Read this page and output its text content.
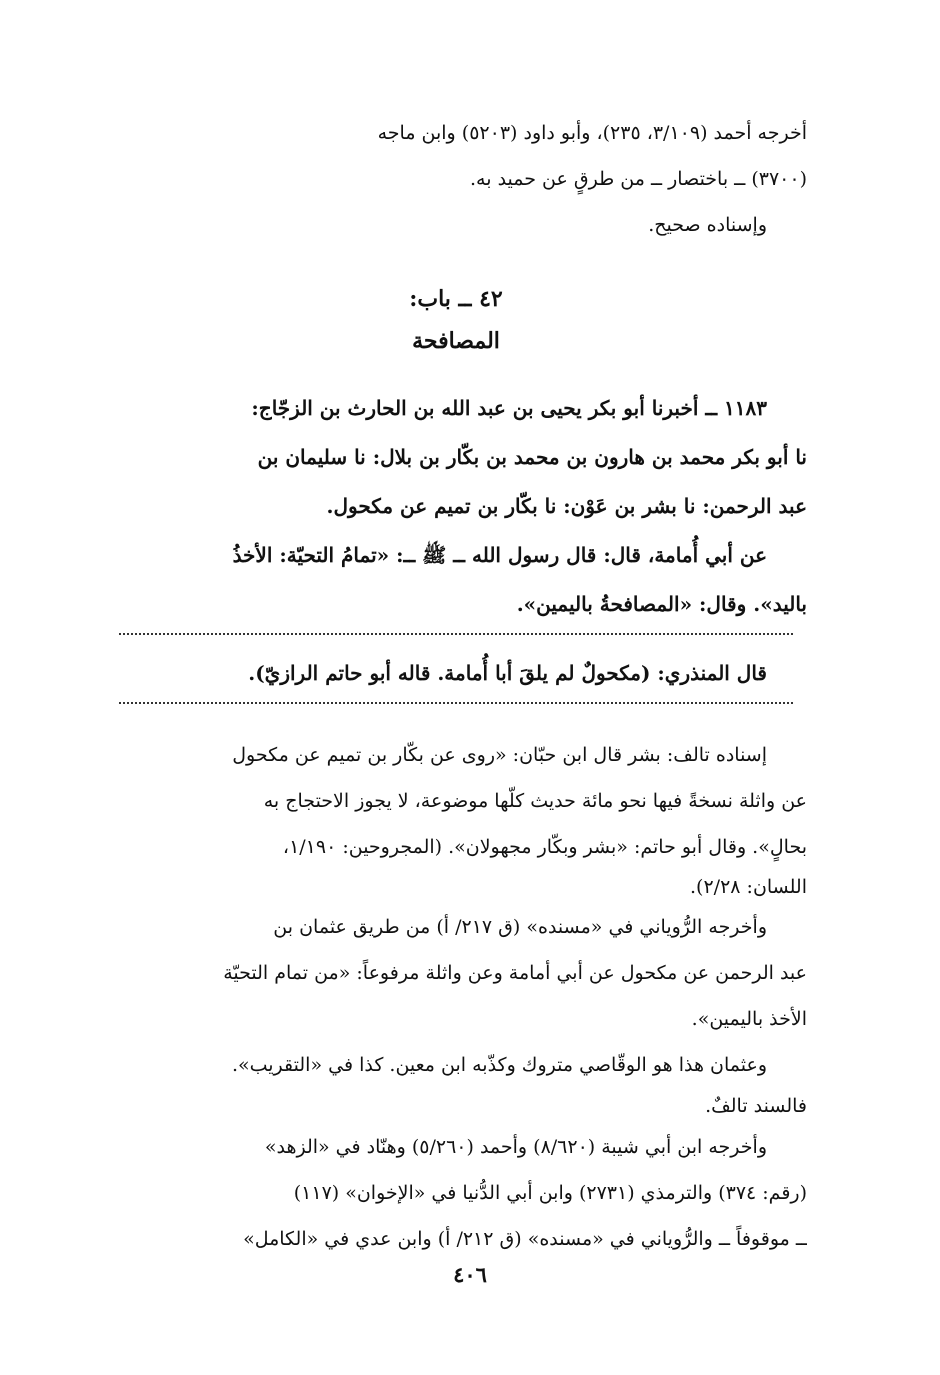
أخرجه أحمد (٣/١٠٩، ٢٣٥)، وأبو داود (٥٢٠٣) وابن ماجه
(٣٧٠٠) ــ باختصار ــ من طرقٍ عن حميد به.
وإسناده صحيح.
٤٢ ــ باب:
المصافحة
١١٨٣ ــ أخبرنا أبو بكر يحيى بن عبد الله بن الحارث بن الزجّاج:
نا أبو بكر محمد بن هارون بن محمد بن بكّار بن بلال: نا سليمان بن
عبد الرحمن: نا بشر بن عَوْن: نا بكّار بن تميم عن مكحول.
عن أبي أُمامة، قال: قال رسول الله ــ ﷺ ــ: «تمامُ التحيّة: الأخذُ
باليد». وقال: «المصافحةُ باليمين».
قال المنذري: (مكحولٌ لم يلقَ أبا أُمامة. قاله أبو حاتم الرازيّ).
إسناده تالف: بشر قال ابن حبّان: «روى عن بكّار بن تميم عن مكحول
عن واثلة نسخةً فيها نحو مائة حديث كلّها موضوعة، لا يجوز الاحتجاج به
بحالٍ». وقال أبو حاتم: «بشر وبكّار مجهولان». (المجروحين: ١/١٩٠،
اللسان: ٢/٢٨).
وأخرجه الرُّوياني في «مسنده» (ق ٢١٧/ أ) من طريق عثمان بن
عبد الرحمن عن مكحول عن أبي أمامة وعن واثلة مرفوعاً: «من تمام التحيّة
الأخذ باليمين».
وعثمان هذا هو الوقّاصي متروك وكذّبه ابن معين. كذا في «التقريب».
فالسند تالفٌ.
وأخرجه ابن أبي شيبة (٨/٦٢٠) وأحمد (٥/٢٦٠) وهنّاد في «الزهد»
(رقم: ٣٧٤) والترمذي (٢٧٣١) وابن أبي الدُّنيا في «الإخوان» (١١٧)
ــ موقوفاً ــ والرُّوياني في «مسنده» (ق ٢١٢/ أ) وابن عدي في «الكامل»
٤٠٦
